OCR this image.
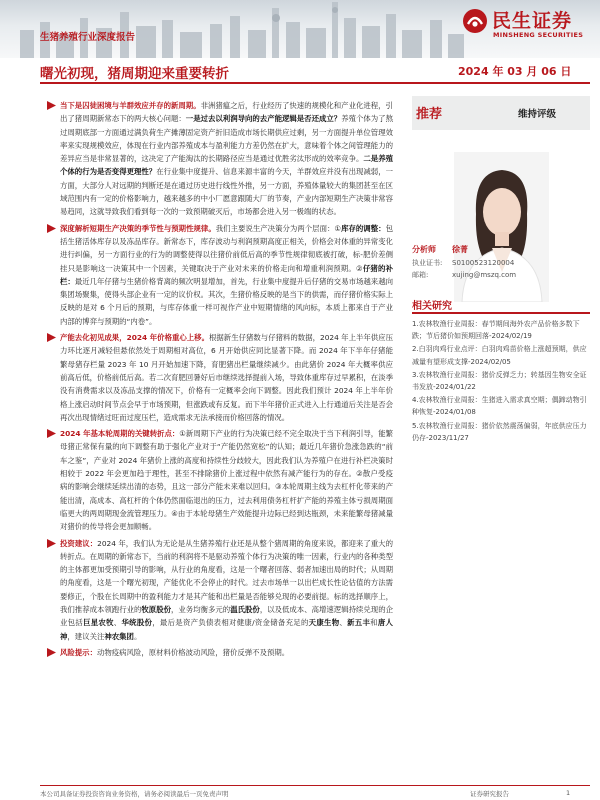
生猪养殖行业深度报告
民生证券
MINSHENG SECURITIES
曙光初现，猪周期迎来重要转折	2024 年 03 月 06 日
当下是囚徒困境与羊群效应并存的新周期。非洲猪瘟之后，行业经历了快速的规模化和产业化进程，引出了猪周期新常态下的两大核心问题：一是过去以利润导向的去产能逻辑是否还成立？养殖个体为了熬过周期底部一方面通过满负荷生产摊薄固定资产折旧造成市场长期供应过剩，另一方面提升单位管理效率来实现规模效应，体现在行业内部养殖成本与盈利能力方差仍然在扩大，意味着个体之间管理能力的差异应当是非常显著的，这决定了产能淘汰的长期路径应当是通过优胜劣汰形成的效率竞争。二是养殖个体的行为是否变得更理性？在行业集中度提升、信息来源丰富的今天，羊群效应并没有出现减弱，一方面，大部分人对远期的判断还是在通过历史进行线性外推，另一方面，养殖体量较大的集团甚至在区域范围内有一定的价格影响力，越来越多的中小厂愿意跟随大厂的节奏，产业内部短期生产决策非常容易趋同，这就导致我们看到每一次的一致预期破灭后，市场都会进入另一极端的状态。
深度解析短期生产决策的季节性与预期性规律。我们主要说生产决策分为两个层面：①库存的调整：包括生猪活体库存以及冻品库存。新常态下，库存波动与利润预期高度正相关，价格会对体重的异常变化进行纠偏，另一方面行业的行为的调整使得以往猪价前低后高的季节性规律彻底被打破，标-肥价差侧挂只是影响这一决策其中一个因素，关键取决于产业对未来的价格走向和增重利润预期。②仔猪的补栏：最近几年仔猪与生猪价格背离的频次明显增加，首先，行业集中度提升后仔猪的交易市场越来越向集团场聚集，使得头部企业有一定的议价权。其次，生猪价格反映的是当下的供需，而仔猪价格实际上反映的是对 6 个月后的预期，与库存体重一样可视作产业中短期情绪的风向标，本质上都来自于产业内部的博弈与预期的“内卷”。
产能去化初见成果，2024 年价格重心上移。根据新生仔猪数与仔猪料的数据，2024 年上半年供应压力环比逐月减轻但悬依然处于周期相对高位，6 月开始供应同比显著下降。而 2024 年下半年仔猪能繁母猪存栏量 2023 年 10 月开始加速下降，育肥猪出栏量继续减少。由此猪价 2024 年大概率供应前高后低，价格前低后高。若二次育肥回暑好后市继续选择提前入场，导致体重库存过早累积，在淡季没有消费需求以及冻品支撑的情况下，价格有一定概率会向下调整。因此我们预计 2024 年上半年价格上涨启动时间节点会早于市场预期，但涨跌或有反复。而下半年猪价正式进入上行通道后关注是否会再次出现情绪过旺而过度压栏，造成需求无法承接而价格回落的情况。
2024 年基本轮周期的关键转折点：①新周期下产业的行为决策已经不完全取决于当下利润引导，能繁母猪正常保有量的向下调整有助于强化产业对于“产能仍然宽松”的认知；最近几年猪价急涨急跌的“前车之鉴”，产业对 2024 年猪价上涨的高度和持续性分歧较大，因此我们认为养殖户在进行补栏决策时相较于 2022 年会更加趋于理性，甚至不排除猪价上涨过程中依然有减产能行为的存在。②散户受疫病的影响会继续延续出清的态势，且这一部分产能未来难以回归。③本轮周期主线为去杠杆化带来的产能出清，高成本、高杠杆的个体仍然面临退出的压力，过去利用债务杠杆扩产能的养殖主体亏损周期面临更大的两周期现金流管理压力。④由于本轮母猪生产效能提升边际已经到达瓶颈，未来能繁母猪减量对猪价的传导将会更加顺畅。
投资建议：2024 年，我们认为无论是从生猪养殖行业还是从整个猪周期的角度来说，都迎来了重大的转折点。在周期的新常态下，当前的利润将不是驱动养殖个体行为决策的唯一因素，行业内的各种类型的主体都更加受预期引导的影响，从行业的角度看，这是一个曙者回落、弱者加速出局的时代；从周期的角度看，这是一个曙光初现，产能优化不会停止的时代。过去市场单一以出栏成长性论估值的方法需要修正，个股在长周期中的盈利能力才是其产能和出栏量是否能够兑现的必要前提。标的选择顺序上，我们推荐成本领跑行业的牧原股份，业务均衡多元的温氏股份，以及低成本、高增速逻辑持续兑现的企业包括巨星农牧、华统股份，最后是资产负债表相对健康/资金储备充足的天康生物、新五丰和唐人神，建议关注神农集团。
风险提示：动物疫病风险，原材料价格波动风险，猪价反弹不及预期。
推荐	维持评级
分析师 徐菁
执业证书: S0100523120004
邮箱:	xujing@mszq.com
相关研究
1.农林牧渔行业周报：春节期间海外农产品价格多数下跌；节后猪价如预期回落-2024/02/19
2.白羽肉鸡行业点评：白羽肉鸡苗价格上涨超预期，供应减量有望形成支撑-2024/02/05
3.农林牧渔行业周报：猪价反弹乏力；转基因生物安全证书发放-2024/01/22
4.农林牧渔行业周报：生猪进入需求真空期；偶蹄动物引种恢复-2024/01/08
5.农林牧渔行业周报：猪价依然震荡偏弱，年底供应压力仍存-2023/11/27
本公司具备证券投资咨询业务资格，请务必阅读最后一页免责声明	证券研究报告	1
